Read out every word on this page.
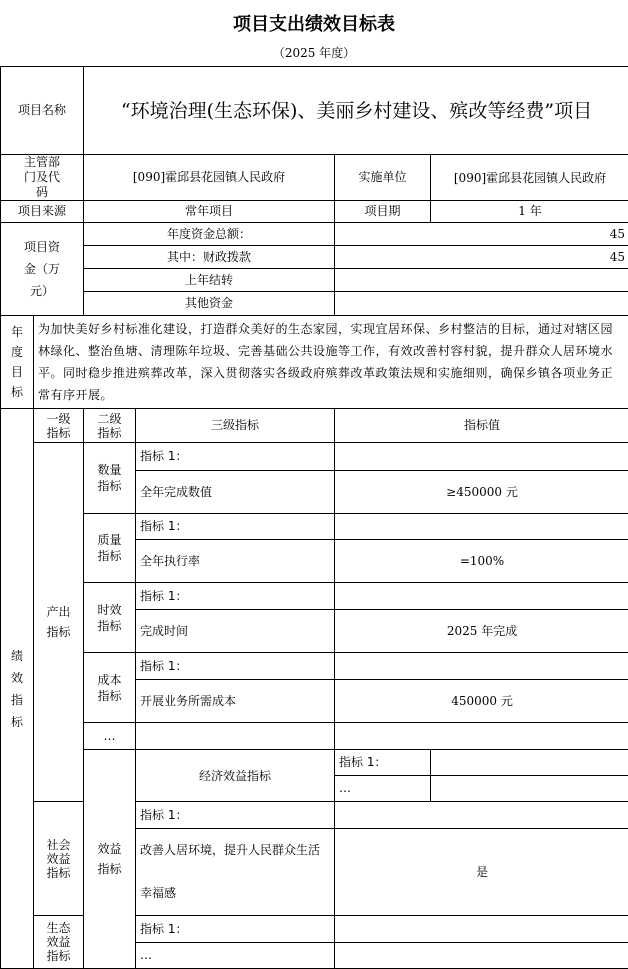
项目支出绩效目标表
（2025 年度）
项目名称		“环境治理(生态环保)、美丽乡村建设、殡改等经费”项目			
主管部门及代码		[090]霍邱县花园镇人民政府		实施单位	[090]霍邱县花园镇人民政府
项目来源		常年项目		项目期	1 年
项目资金（万元）		年度资金总额：		45	
		其中：财政拨款		45	
		上年结转			
		其他资金			
年度目标	为加快美好乡村标准化建设，打造群众美好的生态家园，实现宜居环保、乡村整洁的目标，通过对辖区园林绿化、整治鱼塘、清理陈年垃圾、完善基础公共设施等工作，有效改善村容村貌，提升群众人居环境水平。同时稳步推进殡葬改革，深入贯彻落实各级政府殡葬改革政策法规和实施细则，确保乡镇各项业务正常有序开展。				
绩效指标	一级指标	二级指标	三级指标	指标值	
	产出指标	数量指标	指标 1：		
			全年完成数值	≥450000 元	
		质量指标	指标 1：		
			全年执行率	=100%	
		时效指标	指标 1：		
			完成时间	2025 年完成	
		成本指标	指标 1：		
			开展业务所需成本	450000 元	
		…			
		效益指标	经济效益指标	指标 1：	
				…	
	社会效益指标		指标 1：		
			改善人居环境，提升人民群众生活幸福感	是	
	生态效益指标		指标 1：		
			…		
